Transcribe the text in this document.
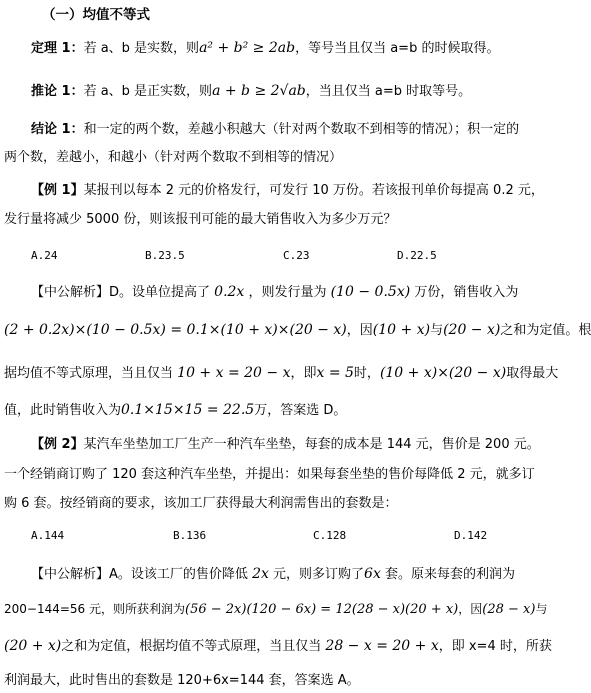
（一）均值不等式
定理 1：若 a、b 是实数，则a² + b² ≥ 2ab，等号当且仅当 a=b 的时候取得。
推论 1：若 a、b 是正实数，则a + b ≥ 2√ab，当且仅当 a=b 时取等号。
结论 1：和一定的两个数，差越小积越大（针对两个数取不到相等的情况）；积一定的
两个数，差越小，和越小（针对两个数取不到相等的情况）
【例 1】某报刊以每本 2 元的价格发行，可发行 10 万份。若该报刊单价每提高 0.2 元，
发行量将减少 5000 份，则该报刊可能的最大销售收入为多少万元？
A.24	B.23.5	C.23	D.22.5
【中公解析】D。设单位提高了 0.2x ，则发行量为 (10 − 0.5x) 万份，销售收入为
(2 + 0.2x)×(10 − 0.5x) = 0.1×(10 + x)×(20 − x)，因(10 + x)与(20 − x)之和为定值。根
据均值不等式原理，当且仅当 10 + x = 20 − x，即x = 5时，(10 + x)×(20 − x)取得最大
值，此时销售收入为0.1×15×15 = 22.5万，答案选 D。
【例 2】某汽车坐垫加工厂生产一种汽车坐垫，每套的成本是 144 元，售价是 200 元。
一个经销商订购了 120 套这种汽车坐垫，并提出：如果每套坐垫的售价每降低 2 元，就多订
购 6 套。按经销商的要求，该加工厂获得最大利润需售出的套数是：
A.144	B.136	C.128	D.142
【中公解析】A。设该工厂的售价降低 2x 元，则多订购了6x 套。原来每套的利润为
200−144=56 元，则所获利润为(56 − 2x)(120 − 6x) = 12(28 − x)(20 + x)，因(28 − x)与
(20 + x)之和为定值，根据均值不等式原理，当且仅当 28 − x = 20 + x，即 x=4 时，所获
利润最大，此时售出的套数是 120+6x=144 套，答案选 A。
